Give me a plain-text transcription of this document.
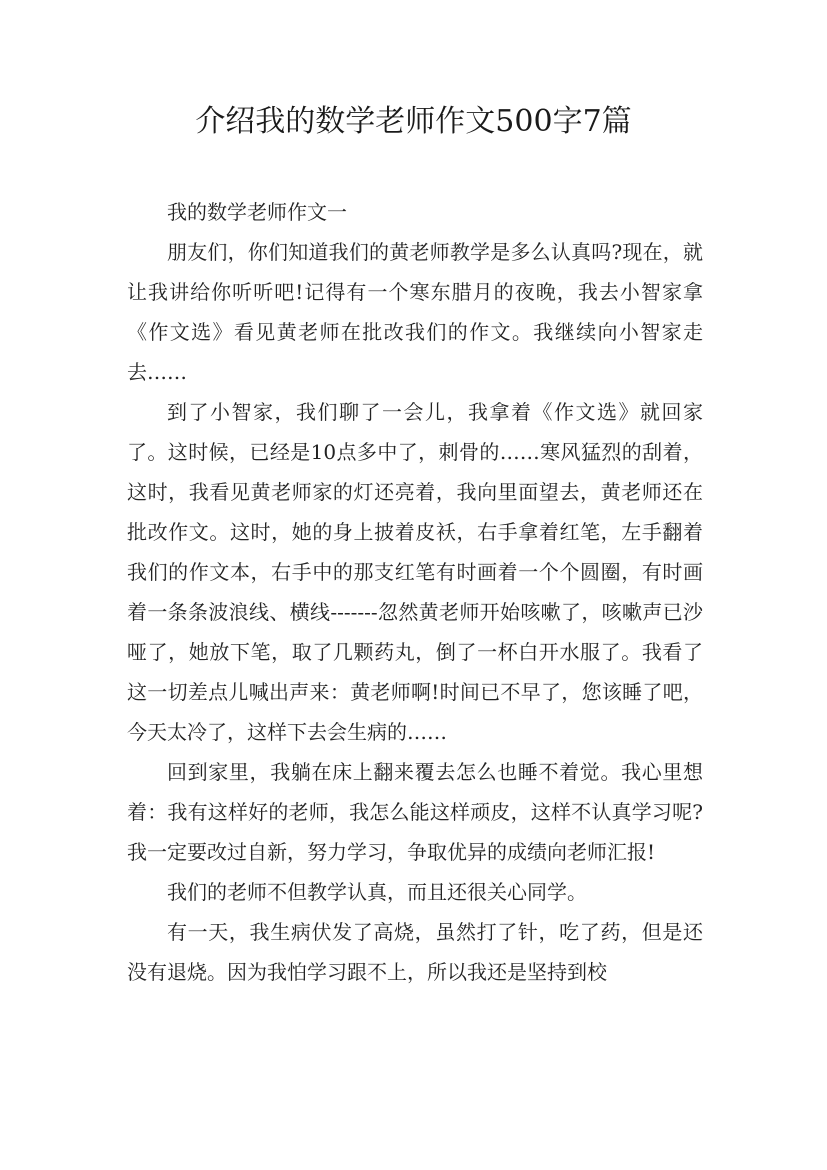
介绍我的数学老师作文500字7篇

我的数学老师作文一

朋友们，你们知道我们的黄老师教学是多么认真吗?现在，就让我讲给你听听吧!记得有一个寒东腊月的夜晚，我去小智家拿《作文选》看见黄老师在批改我们的作文。我继续向小智家走去……

到了小智家，我们聊了一会儿，我拿着《作文选》就回家了。这时候，已经是10点多中了，刺骨的……寒风猛烈的刮着，这时，我看见黄老师家的灯还亮着，我向里面望去，黄老师还在批改作文。这时，她的身上披着皮袄，右手拿着红笔，左手翻着我们的作文本，右手中的那支红笔有时画着一个个圆圈，有时画着一条条波浪线、横线-------忽然黄老师开始咳嗽了，咳嗽声已沙哑了，她放下笔，取了几颗药丸，倒了一杯白开水服了。我看了这一切差点儿喊出声来：黄老师啊!时间已不早了，您该睡了吧，今天太冷了，这样下去会生病的……

回到家里，我躺在床上翻来覆去怎么也睡不着觉。我心里想着：我有这样好的老师，我怎么能这样顽皮，这样不认真学习呢?我一定要改过自新，努力学习，争取优异的成绩向老师汇报!

我们的老师不但教学认真，而且还很关心同学。

有一天，我生病伏发了高烧，虽然打了针，吃了药，但是还没有退烧。因为我怕学习跟不上，所以我还是坚持到校
